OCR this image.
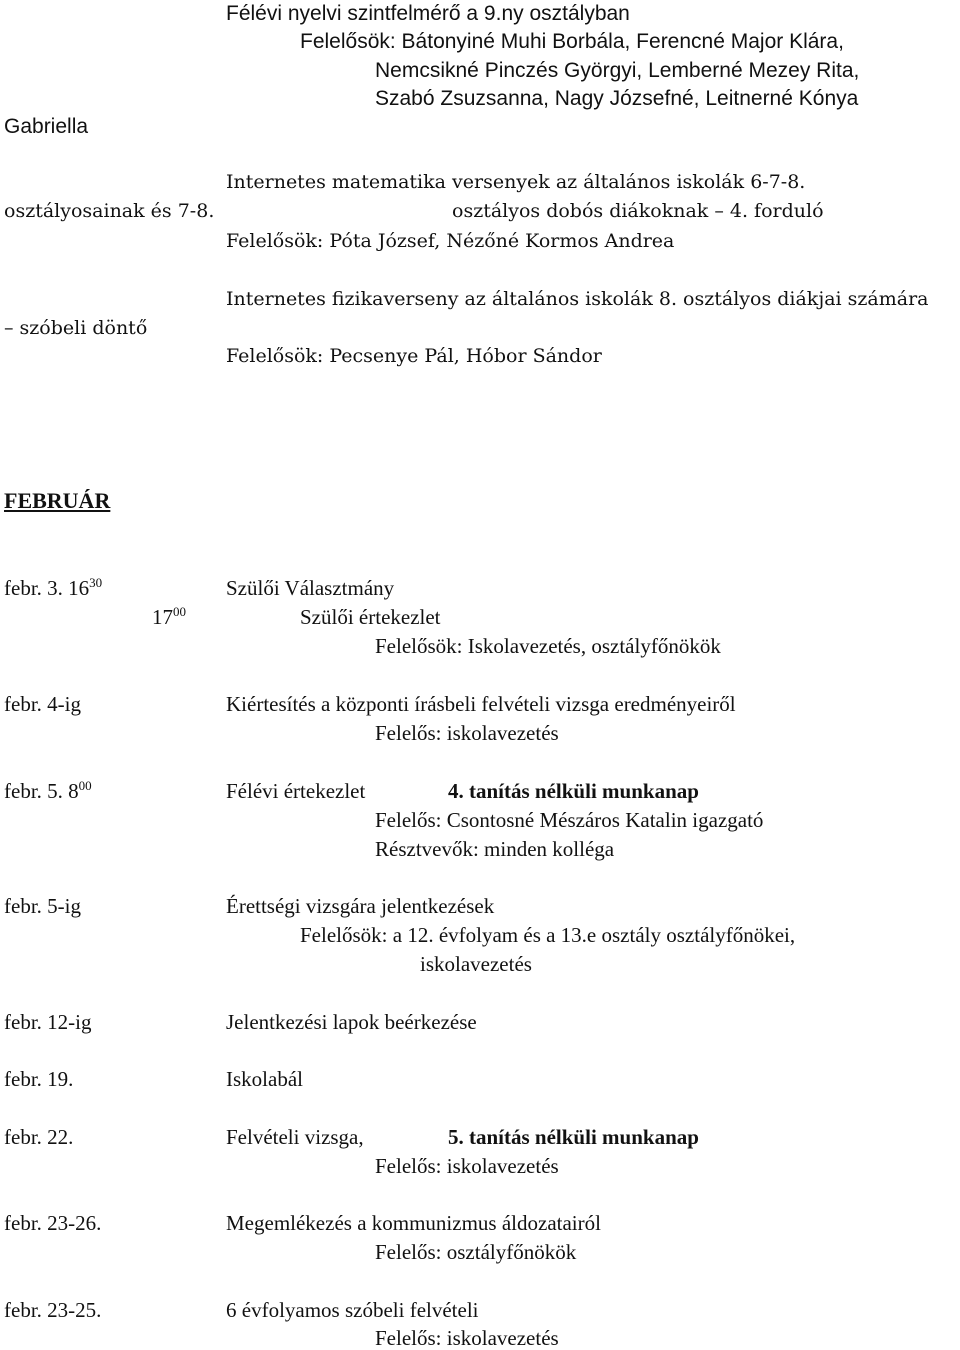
Félévi nyelvi szintfelmérő a 9.ny osztályban
Felelősök: Bátonyiné Muhi Borbála, Ferencné Major Klára,
Nemcsikné Pinczés Györgyi, Lemberné Mezey Rita,
Szabó Zsuzsanna, Nagy Józsefné, Leitnerné Kónya
Gabriella
Internetes matematika versenyek az általános iskolák 6-7-8.
osztályosainak és 7-8.	osztályos dobós diákoknak – 4. forduló
Felelősök: Póta József, Nézőné Kormos Andrea
Internetes fizikaverseny az általános iskolák 8. osztályos diákjai számára
– szóbeli döntő
Felelősök: Pecsenye Pál, Hóbor Sándor
FEBRUÁR
febr. 3. $16^{30}$	Szülői Választmány
$17^{00}$	Szülői értekezlet
Felelősök: Iskolavezetés, osztályfőnökök
febr. 4-ig	Kiértesítés a központi írásbeli felvételi vizsga eredményeiről
Felelős: iskolavezetés
febr. 5. $8^{00}$	Félévi értekezlet	4. tanítás nélküli munkanap
Felelős: Csontosné Mészáros Katalin igazgató
Résztvevők: minden kolléga
febr. 5-ig	Érettségi vizsgára jelentkezések
Felelősök: a 12. évfolyam és a 13.e osztály osztályfőnökei,
iskolavezetés
febr. 12-ig	Jelentkezési lapok beérkezése
febr. 19.	Iskolabál
febr. 22.	Felvételi vizsga,	5. tanítás nélküli munkanap
Felelős: iskolavezetés
febr. 23-26.	Megemlékezés a kommunizmus áldozatairól
Felelős: osztályfőnökök
febr. 23-25.	6 évfolyamos szóbeli felvételi
Felelős: iskolavezetés
